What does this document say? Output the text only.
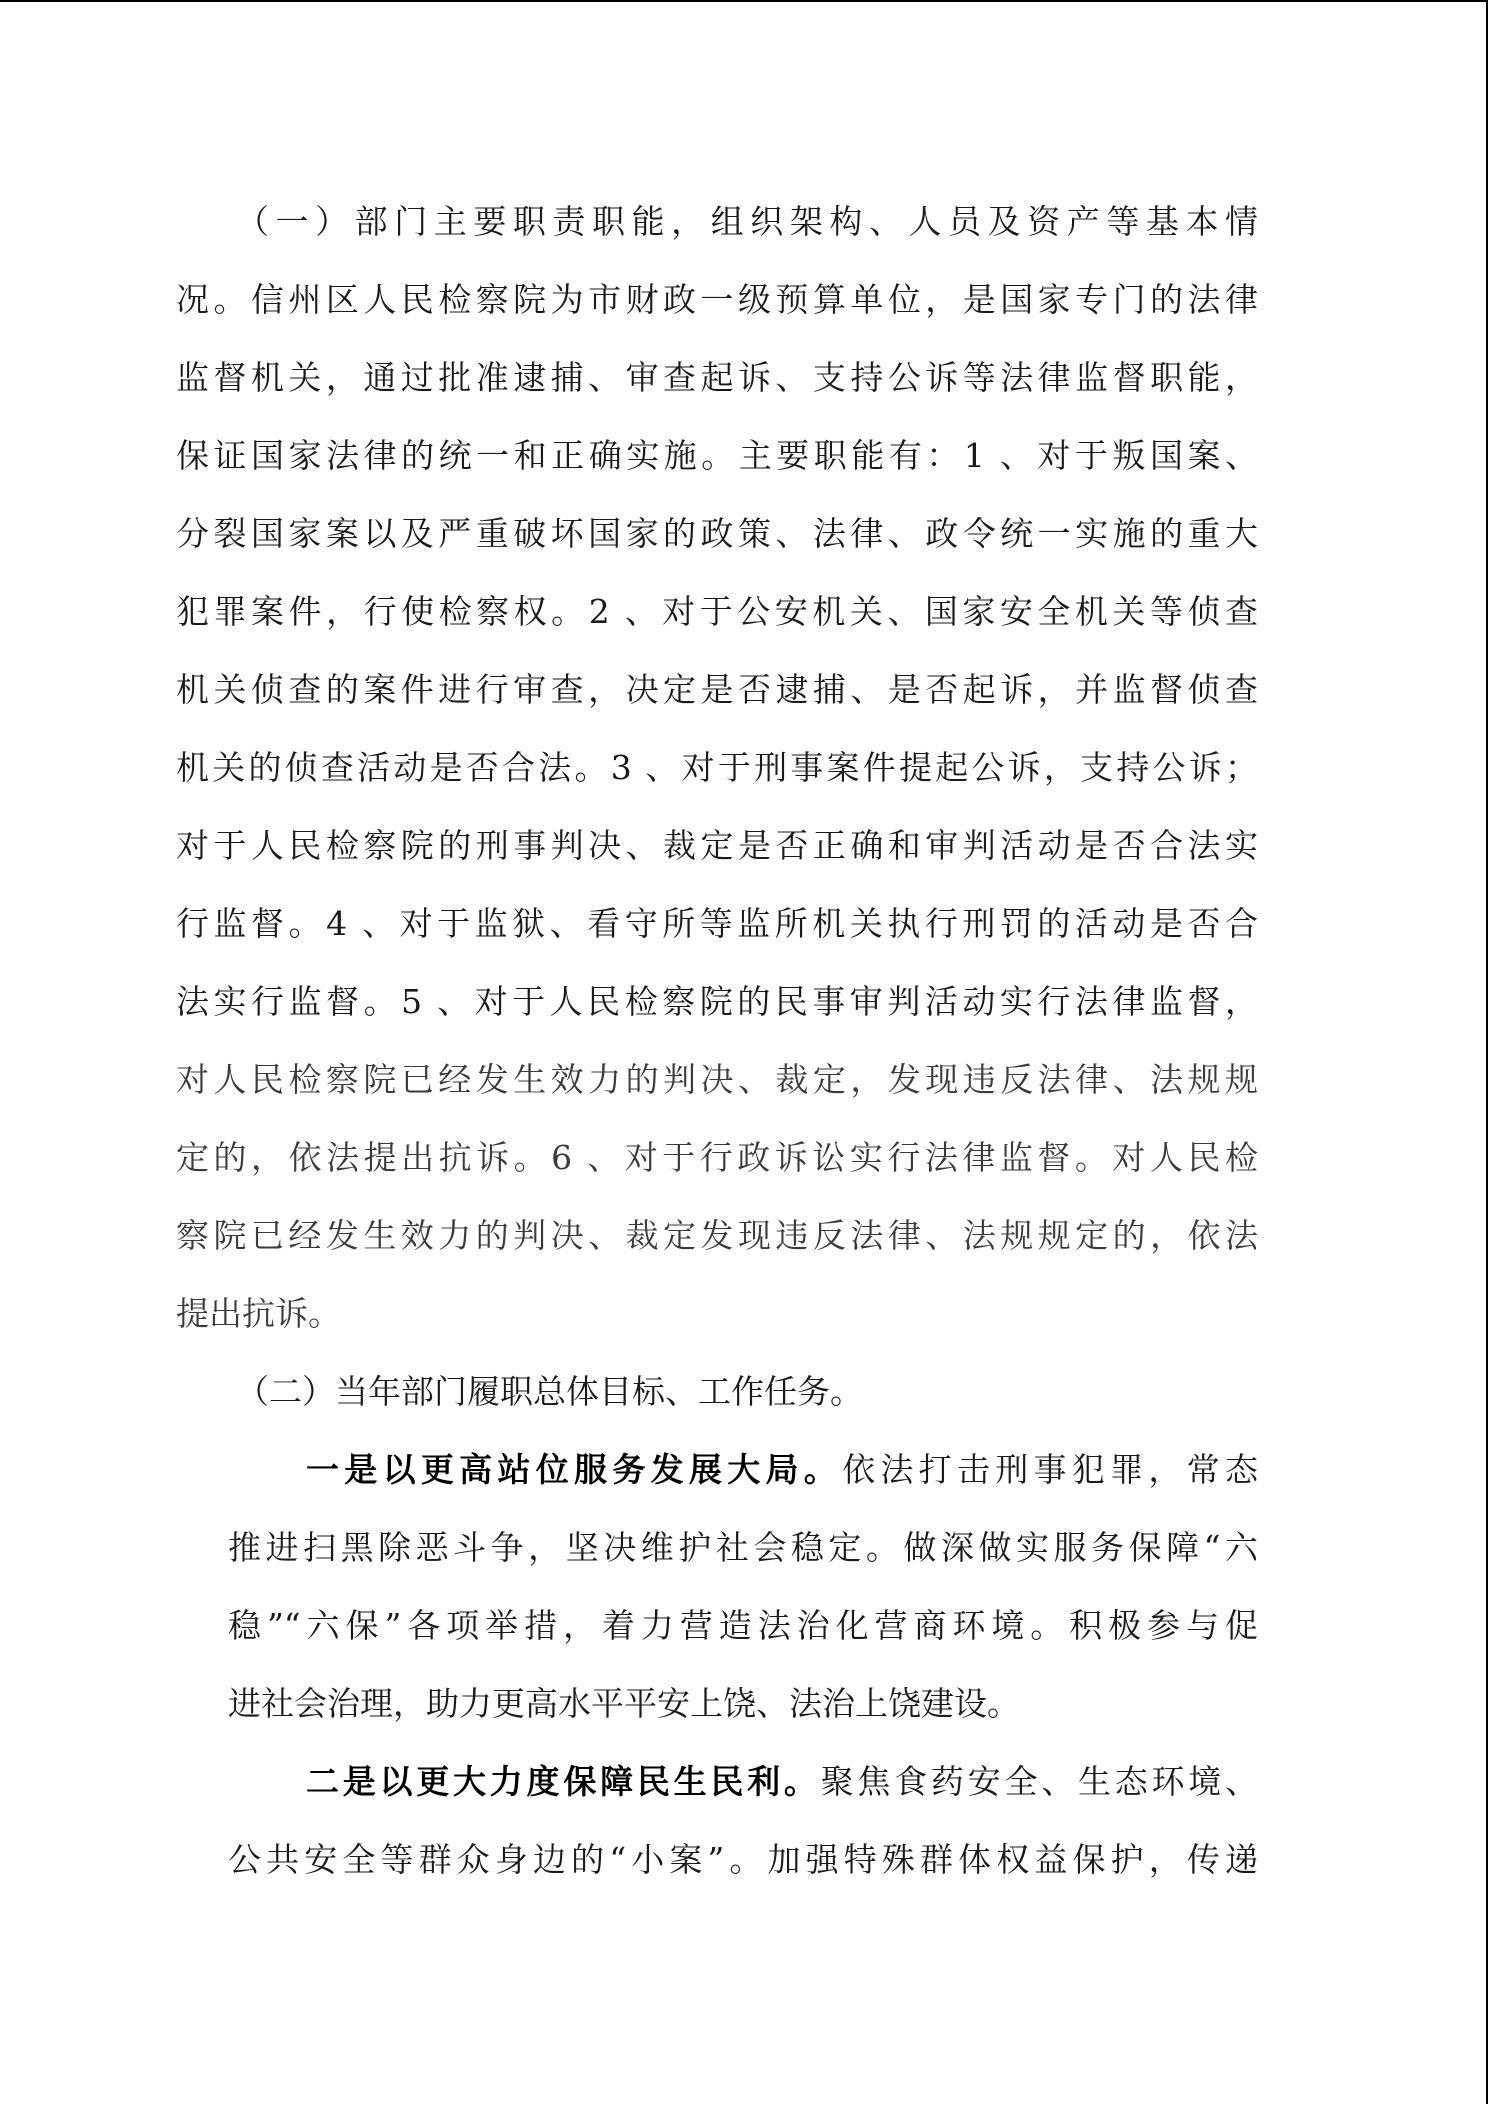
（一）部门主要职责职能，组织架构、人员及资产等基本情
况。信州区人民检察院为市财政一级预算单位，是国家专门的法律
监督机关，通过批准逮捕、审查起诉、支持公诉等法律监督职能，
保证国家法律的统一和正确实施。主要职能有：1 、对于叛国案、
分裂国家案以及严重破坏国家的政策、法律、政令统一实施的重大
犯罪案件，行使检察权。2 、对于公安机关、国家安全机关等侦查
机关侦查的案件进行审查，决定是否逮捕、是否起诉，并监督侦查
机关的侦查活动是否合法。3 、对于刑事案件提起公诉，支持公诉；
对于人民检察院的刑事判决、裁定是否正确和审判活动是否合法实
行监督。4 、对于监狱、看守所等监所机关执行刑罚的活动是否合
法实行监督。5 、对于人民检察院的民事审判活动实行法律监督，
对人民检察院已经发生效力的判决、裁定，发现违反法律、法规规
定的，依法提出抗诉。6 、对于行政诉讼实行法律监督。对人民检
察院已经发生效力的判决、裁定发现违反法律、法规规定的，依法
提出抗诉。
（二）当年部门履职总体目标、工作任务。
一是以更高站位服务发展大局。依法打击刑事犯罪，常态
推进扫黑除恶斗争，坚决维护社会稳定。做深做实服务保障“六
稳”“六保”各项举措，着力营造法治化营商环境。积极参与促
进社会治理，助力更高水平平安上饶、法治上饶建设。
二是以更大力度保障民生民利。聚焦食药安全、生态环境、
公共安全等群众身边的“小案”。加强特殊群体权益保护，传递
